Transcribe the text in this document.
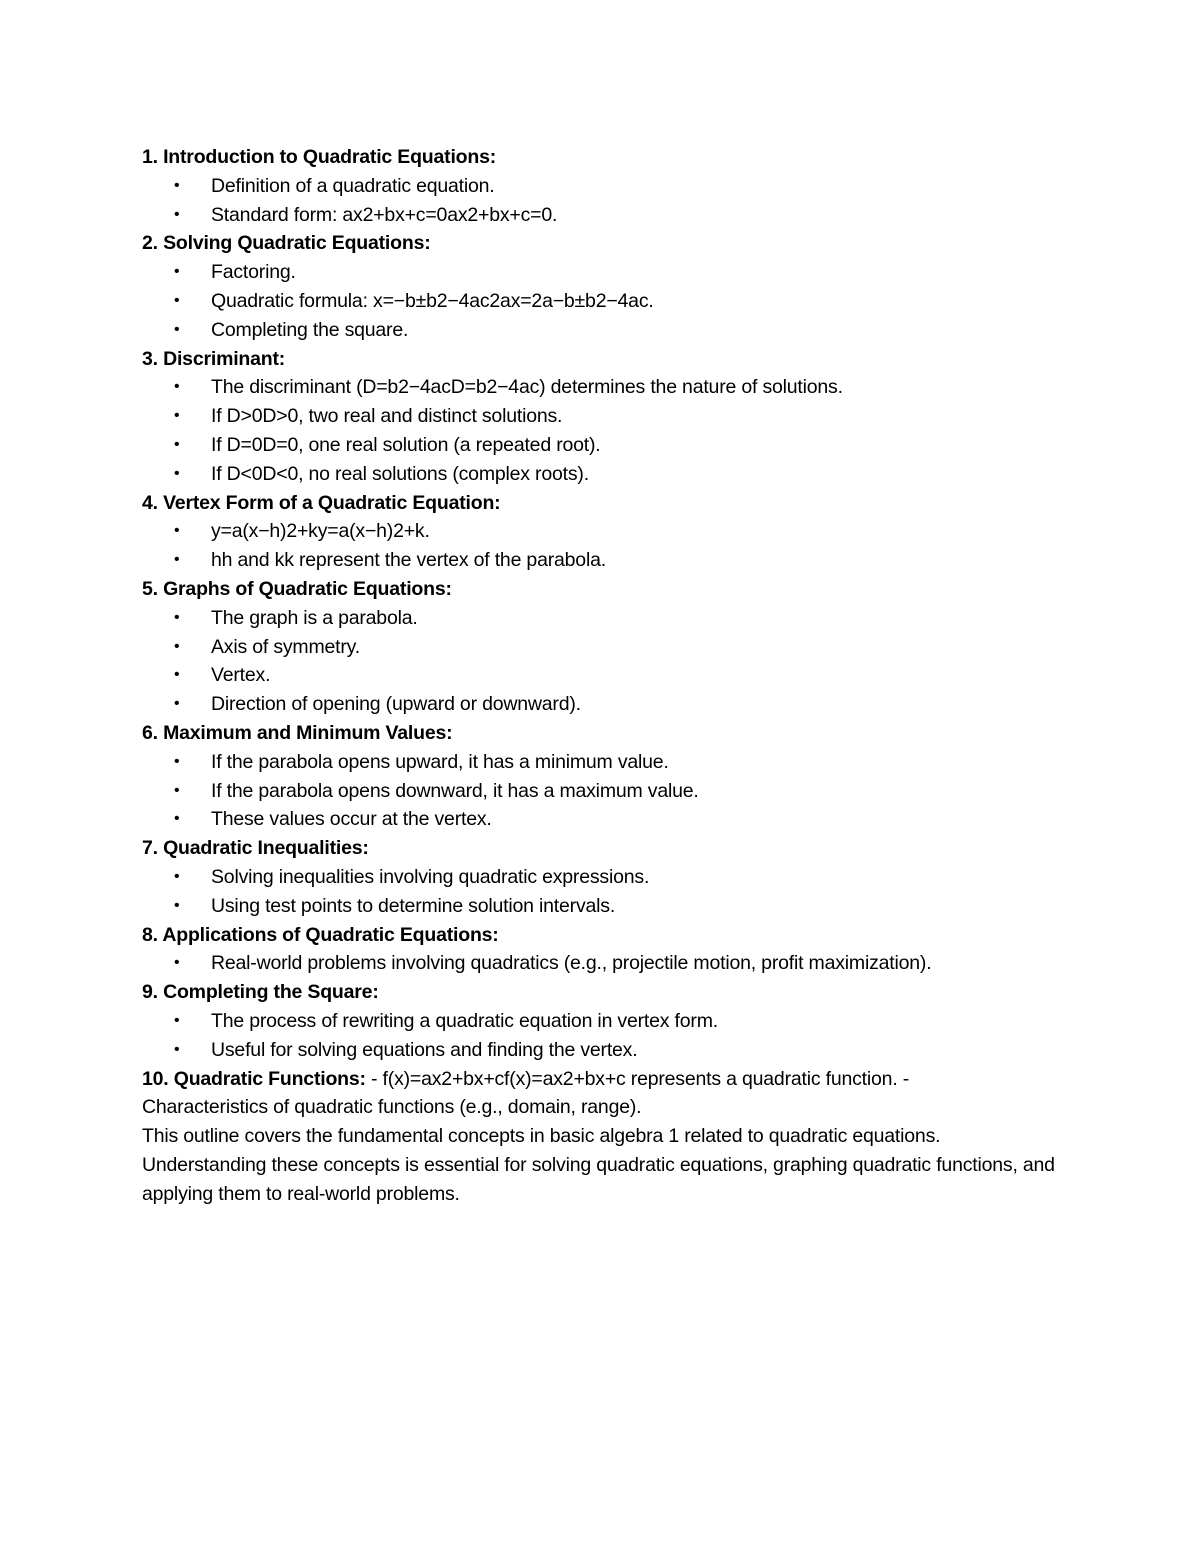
1. Introduction to Quadratic Equations:
• Definition of a quadratic equation.
• Standard form: ax2+bx+c=0ax2+bx+c=0.
2. Solving Quadratic Equations:
• Factoring.
• Quadratic formula: x=−b±b2−4ac2ax=2a−b±b2−4ac.
• Completing the square.
3. Discriminant:
• The discriminant (D=b2−4acD=b2−4ac) determines the nature of solutions.
• If D>0D>0, two real and distinct solutions.
• If D=0D=0, one real solution (a repeated root).
• If D<0D<0, no real solutions (complex roots).
4. Vertex Form of a Quadratic Equation:
• y=a(x−h)2+ky=a(x−h)2+k.
• hh and kk represent the vertex of the parabola.
5. Graphs of Quadratic Equations:
• The graph is a parabola.
• Axis of symmetry.
• Vertex.
• Direction of opening (upward or downward).
6. Maximum and Minimum Values:
• If the parabola opens upward, it has a minimum value.
• If the parabola opens downward, it has a maximum value.
• These values occur at the vertex.
7. Quadratic Inequalities:
• Solving inequalities involving quadratic expressions.
• Using test points to determine solution intervals.
8. Applications of Quadratic Equations:
• Real-world problems involving quadratics (e.g., projectile motion, profit maximization).
9. Completing the Square:
• The process of rewriting a quadratic equation in vertex form.
• Useful for solving equations and finding the vertex.
10. Quadratic Functions: - f(x)=ax2+bx+cf(x)=ax2+bx+c represents a quadratic function. -
Characteristics of quadratic functions (e.g., domain, range).
This outline covers the fundamental concepts in basic algebra 1 related to quadratic equations. Understanding these concepts is essential for solving quadratic equations, graphing quadratic functions, and applying them to real-world problems.
